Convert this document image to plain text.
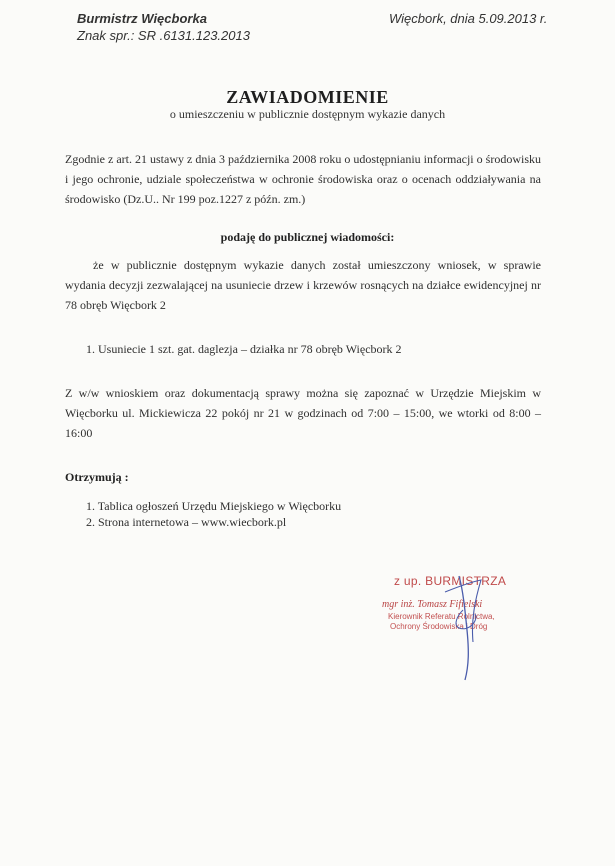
Burmistrz Więcborka
Znak spr.: SR .6131.123.2013
Więcbork, dnia 5.09.2013 r.
ZAWIADOMIENIE
o umieszczeniu w publicznie dostępnym wykazie danych
Zgodnie z art. 21 ustawy z dnia 3 października 2008 roku o udostępnianiu informacji o środowisku i jego ochronie, udziale społeczeństwa w ochronie środowiska oraz o ocenach oddziaływania na środowisko (Dz.U.. Nr 199 poz.1227 z późn. zm.)
podaję do publicznej wiadomości:
że w publicznie dostępnym wykazie danych został umieszczony wniosek, w sprawie wydania decyzji zezwalającej na usuniecie drzew i krzewów rosnących na działce ewidencyjnej nr 78 obręb Więcbork 2
1. Usuniecie 1 szt. gat. daglezja – działka nr 78 obręb Więcbork 2
Z w/w wnioskiem oraz dokumentacją sprawy można się zapoznać w Urzędzie Miejskim w Więcborku ul. Mickiewicza 22 pokój nr 21 w godzinach od 7:00 – 15:00, we wtorki od 8:00 – 16:00
Otrzymują :
1. Tablica ogłoszeń Urzędu Miejskiego w Więcborku
2. Strona internetowa – www.wiecbork.pl
z up. BURMISTRZA
mgr inż. Tomasz Fifielski
Kierownik Referatu Rolnictwa,
Ochrony Środowiska i Dróg
